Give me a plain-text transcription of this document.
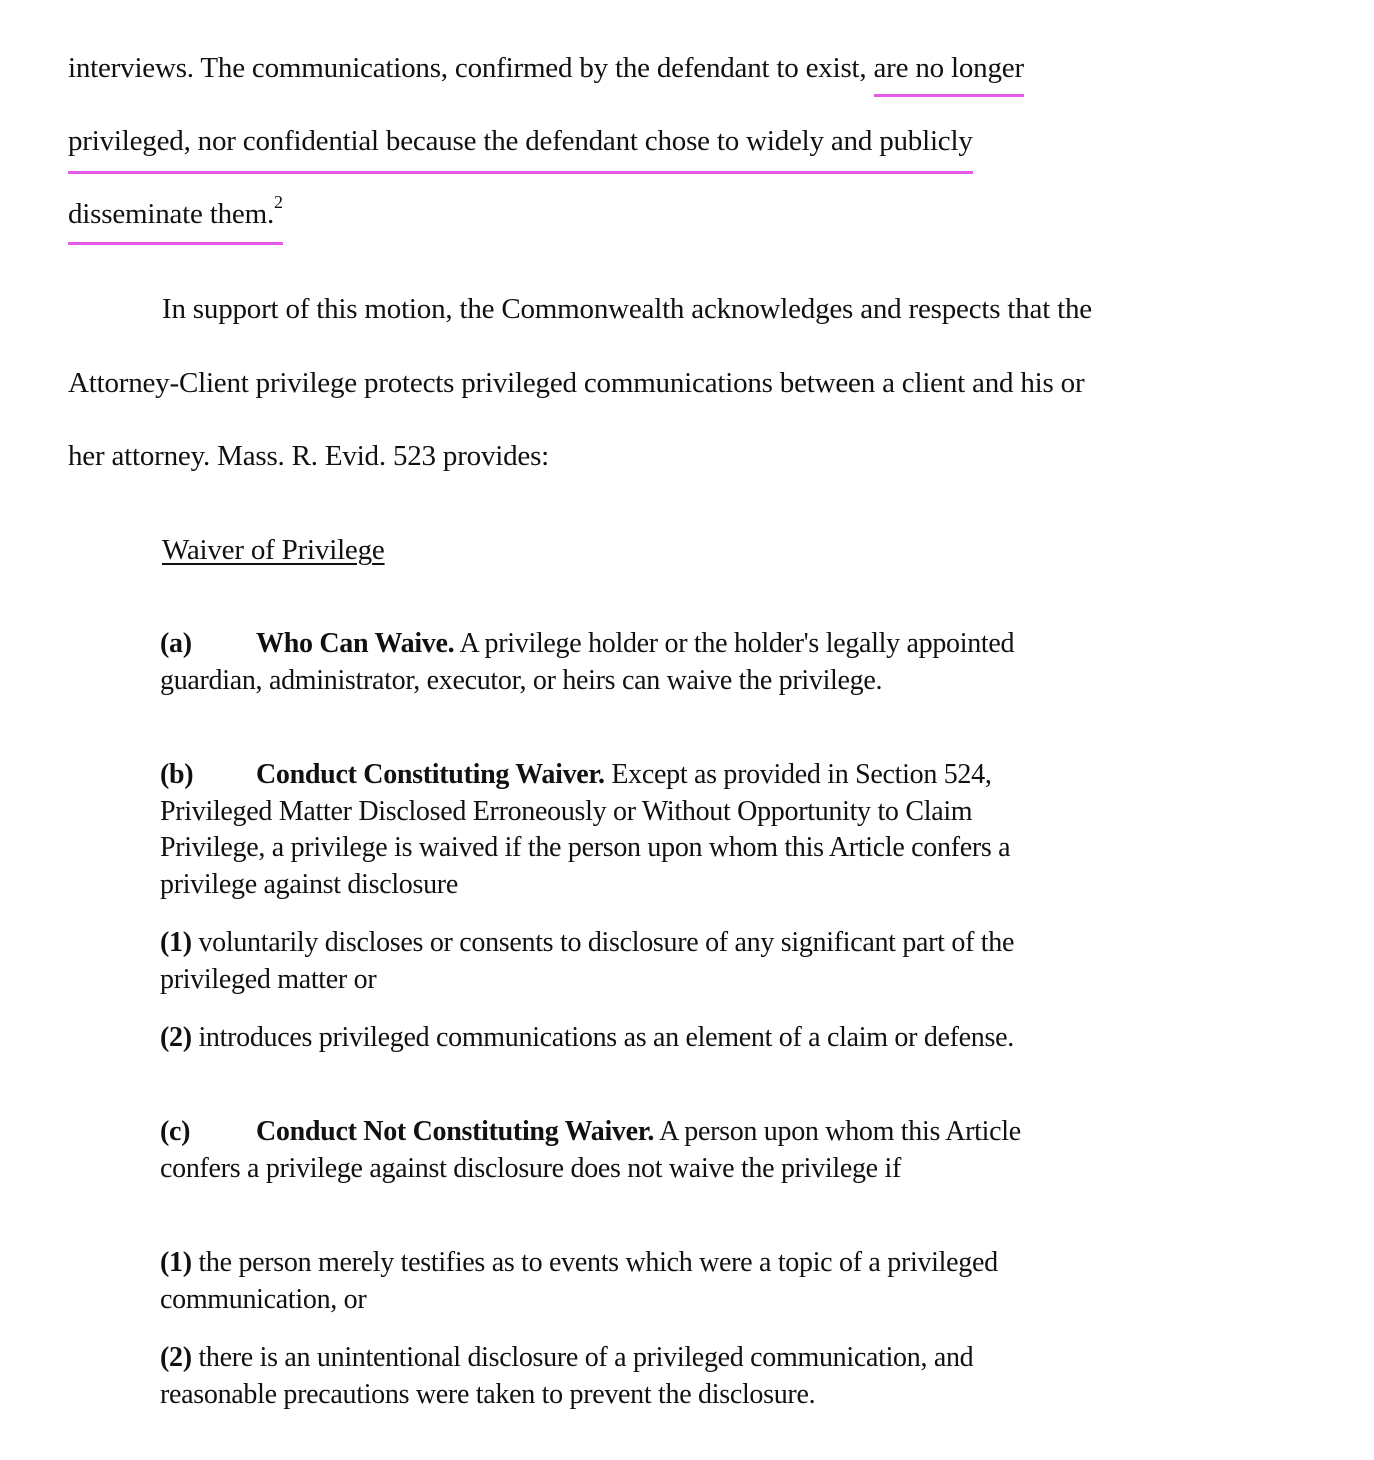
interviews. The communications, confirmed by the defendant to exist, are no longer
privileged, nor confidential because the defendant chose to widely and publicly
disseminate them.$^2$
In support of this motion, the Commonwealth acknowledges and respects that the
Attorney-Client privilege protects privileged communications between a client and his or
her attorney. Mass. R. Evid. 523 provides:
Waiver of Privilege

(a) Who Can Waive. A privilege holder or the holder's legally appointed guardian, administrator, executor, or heirs can waive the privilege.

(b) Conduct Constituting Waiver. Except as provided in Section 524, Privileged Matter Disclosed Erroneously or Without Opportunity to Claim Privilege, a privilege is waived if the person upon whom this Article confers a privilege against disclosure

(1) voluntarily discloses or consents to disclosure of any significant part of the privileged matter or

(2) introduces privileged communications as an element of a claim or defense.

(c) Conduct Not Constituting Waiver. A person upon whom this Article confers a privilege against disclosure does not waive the privilege if

(1) the person merely testifies as to events which were a topic of a privileged communication, or

(2) there is an unintentional disclosure of a privileged communication, and reasonable precautions were taken to prevent the disclosure.
